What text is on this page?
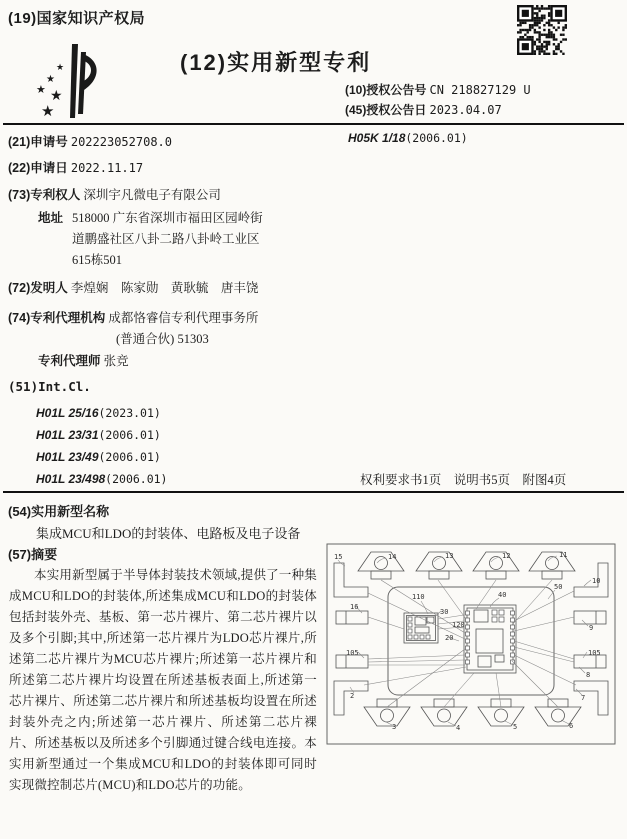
(19)国家知识产权局
★
★
★ ★
★
(12)实用新型专利
(10)授权公告号 CN 218827129 U
(45)授权公告日 2023.04.07
(21)申请号 202223052708.0
(22)申请日 2022.11.17
(73)专利权人 深圳宇凡微电子有限公司
地址 518000 广东省深圳市福田区园岭街
道鹏盛社区八卦二路八卦岭工业区
615栋501
(72)发明人 李煌娴　陈家勋　黄耿毓　唐丰饶
(74)专利代理机构 成都恪睿信专利代理事务所
(普通合伙) 51303
专利代理师 张竞
(51)Int.Cl.
H01L 25/16(2023.01)
H01L 23/31(2006.01)
H01L 23/49(2006.01)
H01L 23/498(2006.01)
H05K 1/18(2006.01)
权利要求书1页　说明书5页　附图4页
(54)实用新型名称
集成MCU和LDO的封装体、电路板及电子设备
(57)摘要
本实用新型属于半导体封装技术领域,提供了一种集成MCU和LDO的封装体,所述集成MCU和LDO的封装体包括封装外壳、基板、第一芯片裸片、第二芯片裸片以及多个引脚;其中,所述第一芯片裸片为LDO芯片裸片,所述第二芯片裸片为MCU芯片裸片;所述第一芯片裸片和所述第二芯片裸片均设置在所述基板表面上,所述第一芯片裸片、所述第二芯片裸片和所述基板均设置在所述封装外壳之内;所述第一芯片裸片、所述第二芯片裸片、所述基板以及所述多个引脚通过键合线电连接。本实用新型通过一个集成MCU和LDO的封装体即可同时实现微控制芯片(MCU)和LDO芯片的功能。
15	14	13	12	11
10
16
9
105	105
8
7
2
3	4	5	6
50
110
30
120
20
40
